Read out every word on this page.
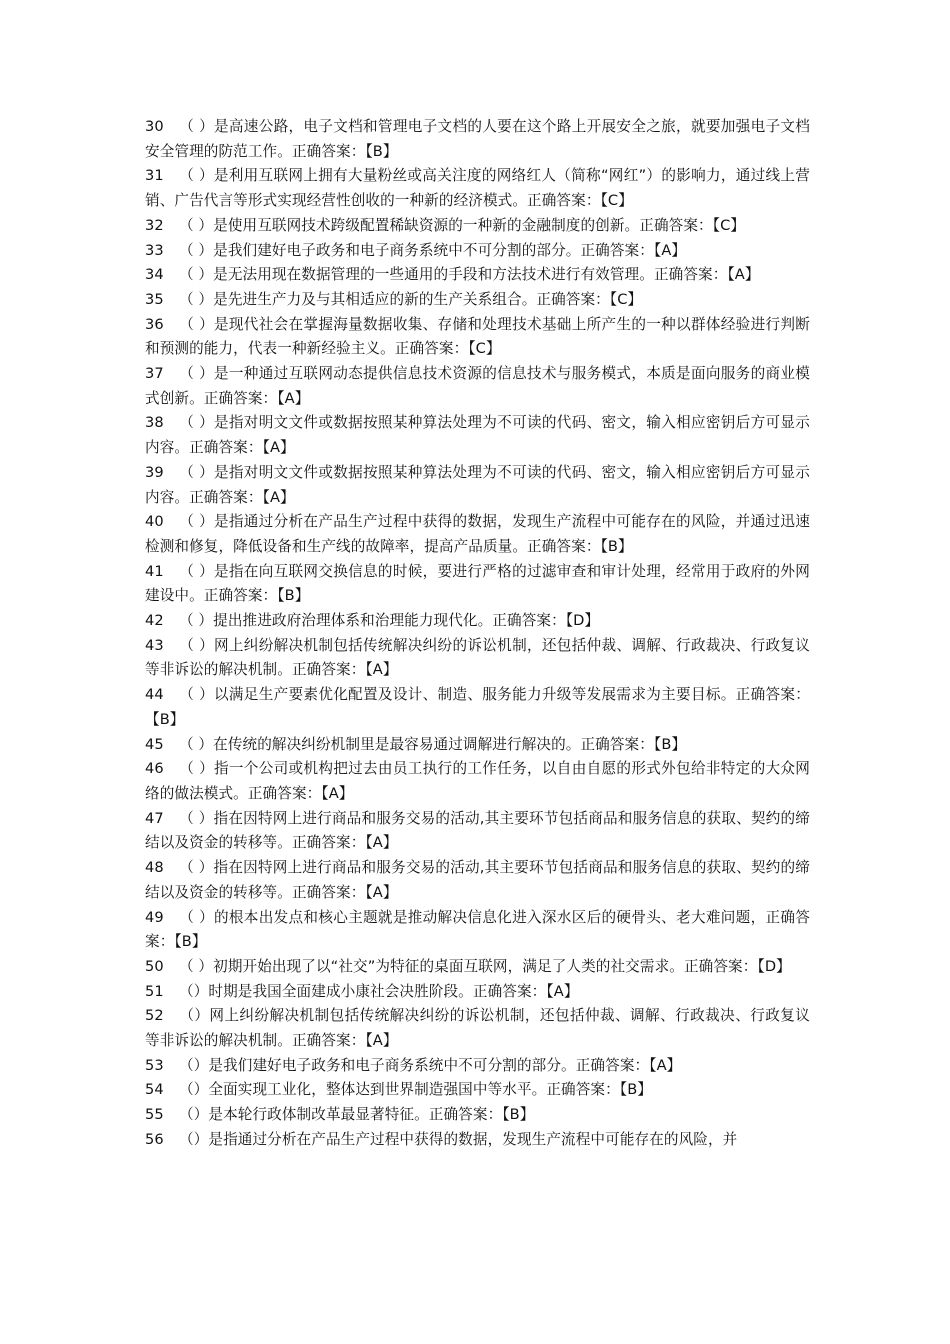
30 （ ）是高速公路，电子文档和管理电子文档的人要在这个路上开展安全之旅，就要加强电子文档安全管理的防范工作。正确答案：【B】

31 （ ）是利用互联网上拥有大量粉丝或高关注度的网络红人（简称“网红”）的影响力，通过线上营销、广告代言等形式实现经营性创收的一种新的经济模式。正确答案：【C】

32 （ ）是使用互联网技术跨级配置稀缺资源的一种新的金融制度的创新。正确答案：【C】

33 （ ）是我们建好电子政务和电子商务系统中不可分割的部分。正确答案：【A】

34 （ ）是无法用现在数据管理的一些通用的手段和方法技术进行有效管理。正确答案：【A】

35 （ ）是先进生产力及与其相适应的新的生产关系组合。正确答案：【C】

36 （ ）是现代社会在掌握海量数据收集、存储和处理技术基础上所产生的一种以群体经验进行判断和预测的能力，代表一种新经验主义。正确答案：【C】

37 （ ）是一种通过互联网动态提供信息技术资源的信息技术与服务模式，本质是面向服务的商业模式创新。正确答案：【A】

38 （ ）是指对明文文件或数据按照某种算法处理为不可读的代码、密文，输入相应密钥后方可显示内容。正确答案：【A】

39 （ ）是指对明文文件或数据按照某种算法处理为不可读的代码、密文，输入相应密钥后方可显示内容。正确答案：【A】

40 （ ）是指通过分析在产品生产过程中获得的数据，发现生产流程中可能存在的风险，并通过迅速检测和修复，降低设备和生产线的故障率，提高产品质量。正确答案：【B】

41 （ ）是指在向互联网交换信息的时候，要进行严格的过滤审查和审计处理，经常用于政府的外网建设中。正确答案：【B】

42 （ ）提出推进政府治理体系和治理能力现代化。正确答案：【D】

43 （ ）网上纠纷解决机制包括传统解决纠纷的诉讼机制，还包括仲裁、调解、行政裁决、行政复议等非诉讼的解决机制。正确答案：【A】

44 （ ）以满足生产要素优化配置及设计、制造、服务能力升级等发展需求为主要目标。正确答案：【B】

45 （ ）在传统的解决纠纷机制里是最容易通过调解进行解决的。正确答案：【B】

46 （ ）指一个公司或机构把过去由员工执行的工作任务，以自由自愿的形式外包给非特定的大众网络的做法模式。正确答案：【A】

47 （ ）指在因特网上进行商品和服务交易的活动,其主要环节包括商品和服务信息的获取、契约的缔结以及资金的转移等。正确答案：【A】

48 （ ）指在因特网上进行商品和服务交易的活动,其主要环节包括商品和服务信息的获取、契约的缔结以及资金的转移等。正确答案：【A】

49 （ ）的根本出发点和核心主题就是推动解决信息化进入深水区后的硬骨头、老大难问题，正确答案：【B】

50 （ ）初期开始出现了以“社交”为特征的桌面互联网，满足了人类的社交需求。正确答案：【D】

51 （）时期是我国全面建成小康社会决胜阶段。正确答案：【A】

52 （）网上纠纷解决机制包括传统解决纠纷的诉讼机制，还包括仲裁、调解、行政裁决、行政复议等非诉讼的解决机制。正确答案：【A】

53 （）是我们建好电子政务和电子商务系统中不可分割的部分。正确答案：【A】

54 （）全面实现工业化，整体达到世界制造强国中等水平。正确答案：【B】

55 （）是本轮行政体制改革最显著特征。正确答案：【B】

56 （）是指通过分析在产品生产过程中获得的数据，发现生产流程中可能存在的风险，并
